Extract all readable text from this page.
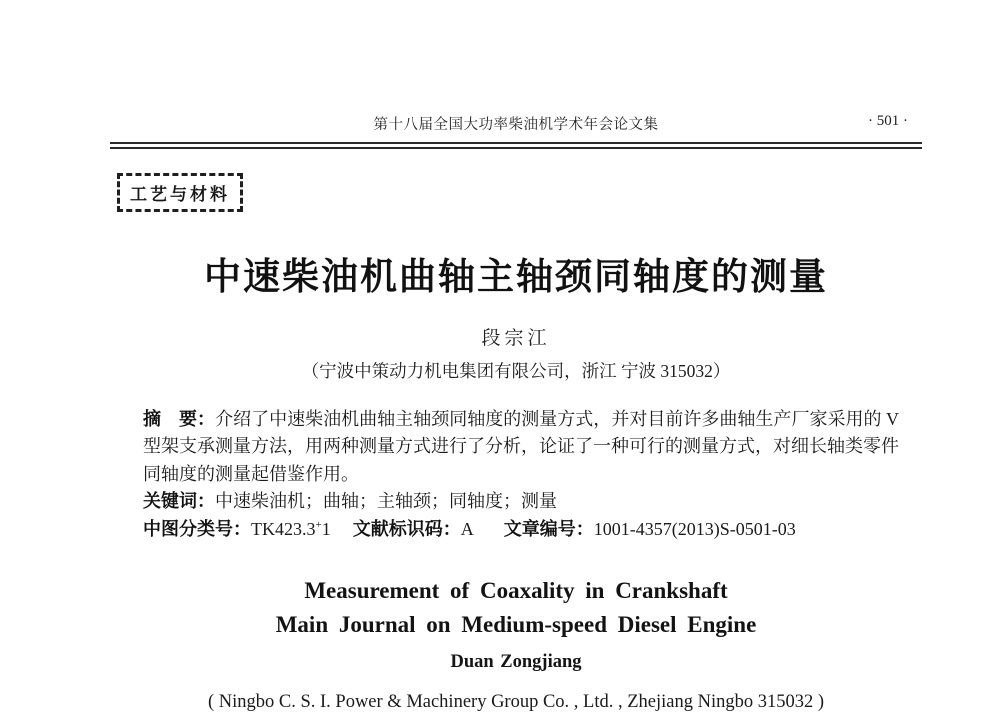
第十八届全国大功率柴油机学术年会论文集	· 501 ·
工艺与材料
中速柴油机曲轴主轴颈同轴度的测量
段宗江
（宁波中策动力机电集团有限公司，浙江 宁波 315032）

摘　要：介绍了中速柴油机曲轴主轴颈同轴度的测量方式，并对目前许多曲轴生产厂家采用的 V 型架支承测量方法，用两种测量方式进行了分析，论证了一种可行的测量方式，对细长轴类零件同轴度的测量起借鉴作用。

关键词：中速柴油机；曲轴；主轴颈；同轴度；测量

中图分类号：TK423.3+1 文献标识码：A 文章编号：1001-4357(2013)S-0501-03

Measurement of Coaxality in Crankshaft
Main Journal on Medium-speed Diesel Engine
Duan Zongjiang
( Ningbo C. S. I. Power & Machinery Group Co. , Ltd. , Zhejiang Ningbo 315032 )
